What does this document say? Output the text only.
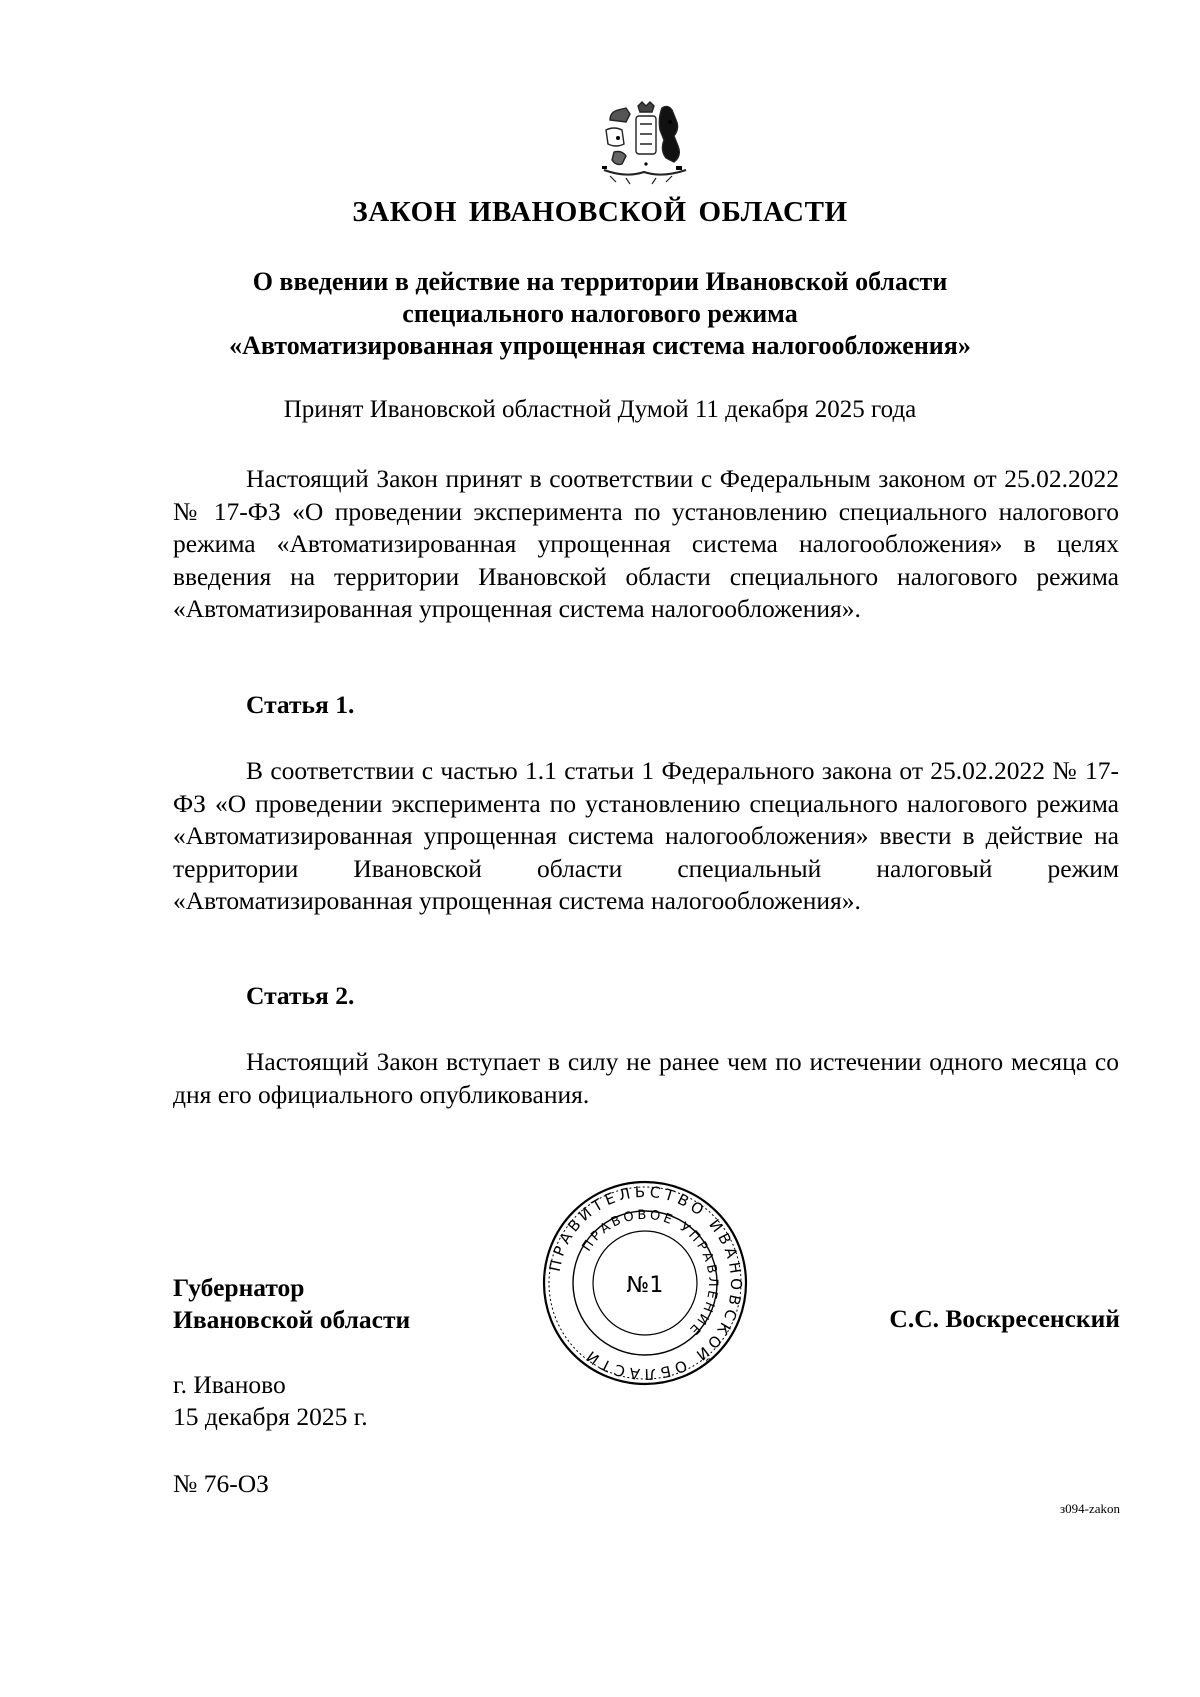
ЗАКОН ИВАНОВСКОЙ ОБЛАСТИ
О введении в действие на территории Ивановской области
специального налогового режима
«Автоматизированная упрощенная система налогообложения»
Принят Ивановской областной Думой 11 декабря 2025 года

Настоящий Закон принят в соответствии с Федеральным законом от 25.02.2022 № 17-ФЗ «О проведении эксперимента по установлению специального налогового режима «Автоматизированная упрощенная система налогообложения» в целях введения на территории Ивановской области специального налогового режима «Автоматизированная упрощенная система налогообложения».

Статья 1.

В соответствии с частью 1.1 статьи 1 Федерального закона от 25.02.2022 № 17-ФЗ «О проведении эксперимента по установлению специального налогового режима «Автоматизированная упрощенная система налогообложения» ввести в действие на территории Ивановской области специальный налоговый режим «Автоматизированная упрощенная система налогообложения».

Статья 2.

Настоящий Закон вступает в силу не ранее чем по истечении одного месяца со дня его официального опубликования.

ПРАВИТЕЛЬСТВО ИВАНОВСКОЙ ОБЛАСТИ
ПРАВОВОЕ УПРАВЛЕНИЕ
№1
Губернатор
Ивановской области	С.С. Воскресенский
г. Иваново
15 декабря 2025 г.
№ 76-ОЗ
з094-zakon
